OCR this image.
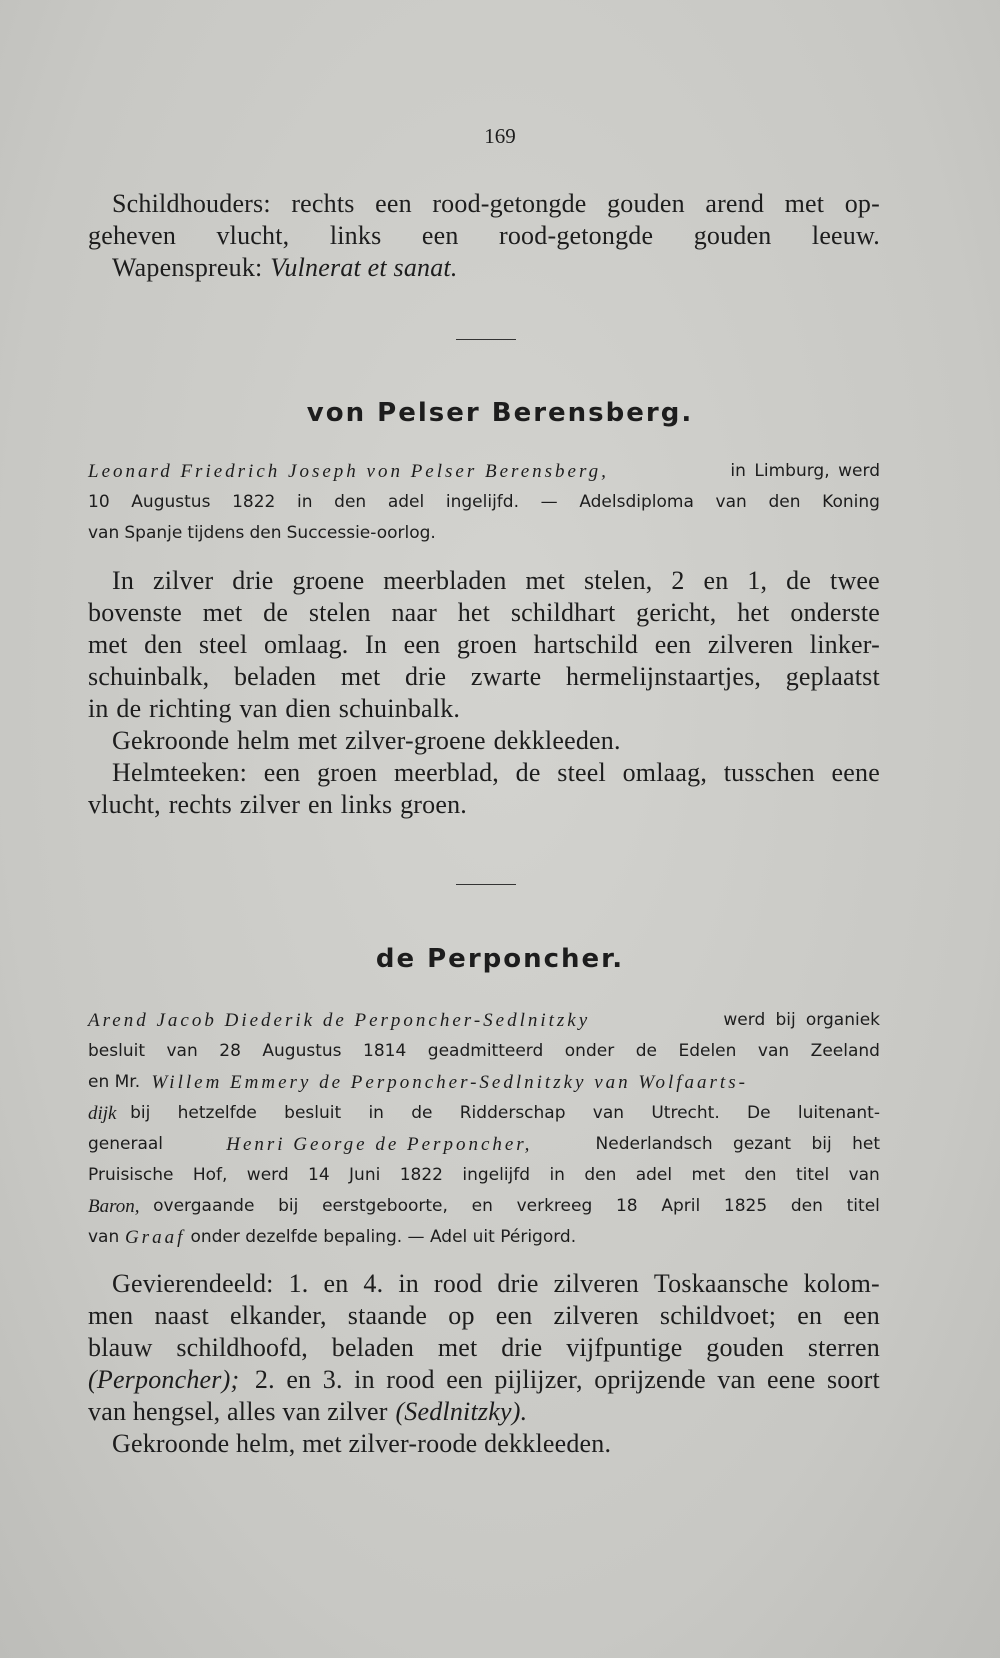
169
Schildhouders: rechts een rood-getongde gouden arend met op-
geheven vlucht, links een rood-getongde gouden leeuw.
Wapenspreuk: Vulnerat et sanat.
von Pelser Berensberg.
Leonard Friedrich Joseph von Pelser Berensberg,	in Limburg, werd
10 Augustus 1822 in den adel ingelijfd. — Adelsdiploma van den Koning
van Spanje tijdens den Successie-oorlog.
In zilver drie groene meerbladen met stelen, 2 en 1, de twee
bovenste met de stelen naar het schildhart gericht, het onderste
met den steel omlaag. In een groen hartschild een zilveren linker-
schuinbalk, beladen met drie zwarte hermelijnstaartjes, geplaatst
in de richting van dien schuinbalk.
Gekroonde helm met zilver-groene dekkleeden.
Helmteeken: een groen meerblad, de steel omlaag, tusschen eene
vlucht, rechts zilver en links groen.
de Perponcher.
Arend Jacob Diederik de Perponcher-Sedlnitzky	werd bij organiek
besluit van 28 Augustus 1814 geadmitteerd onder de Edelen van Zeeland
en Mr. Willem Emmery de Perponcher-Sedlnitzky van Wolfaarts-
dijk bij hetzelfde besluit in de Ridderschap van Utrecht. De luitenant-
generaal	Henri George de Perponcher,	Nederlandsch gezant bij het
Pruisische Hof, werd 14 Juni 1822 ingelijfd in den adel met den titel van
Baron, overgaande bij eerstgeboorte, en verkreeg 18 April 1825 den titel
van Graaf onder dezelfde bepaling. — Adel uit Périgord.
Gevierendeeld: 1. en 4. in rood drie zilveren Toskaansche kolom-
men naast elkander, staande op een zilveren schildvoet; en een
blauw schildhoofd, beladen met drie vijfpuntige gouden sterren
(Perponcher); 2. en 3. in rood een pijlijzer, oprijzende van eene soort
van hengsel, alles van zilver (Sedlnitzky).
Gekroonde helm, met zilver-roode dekkleeden.
